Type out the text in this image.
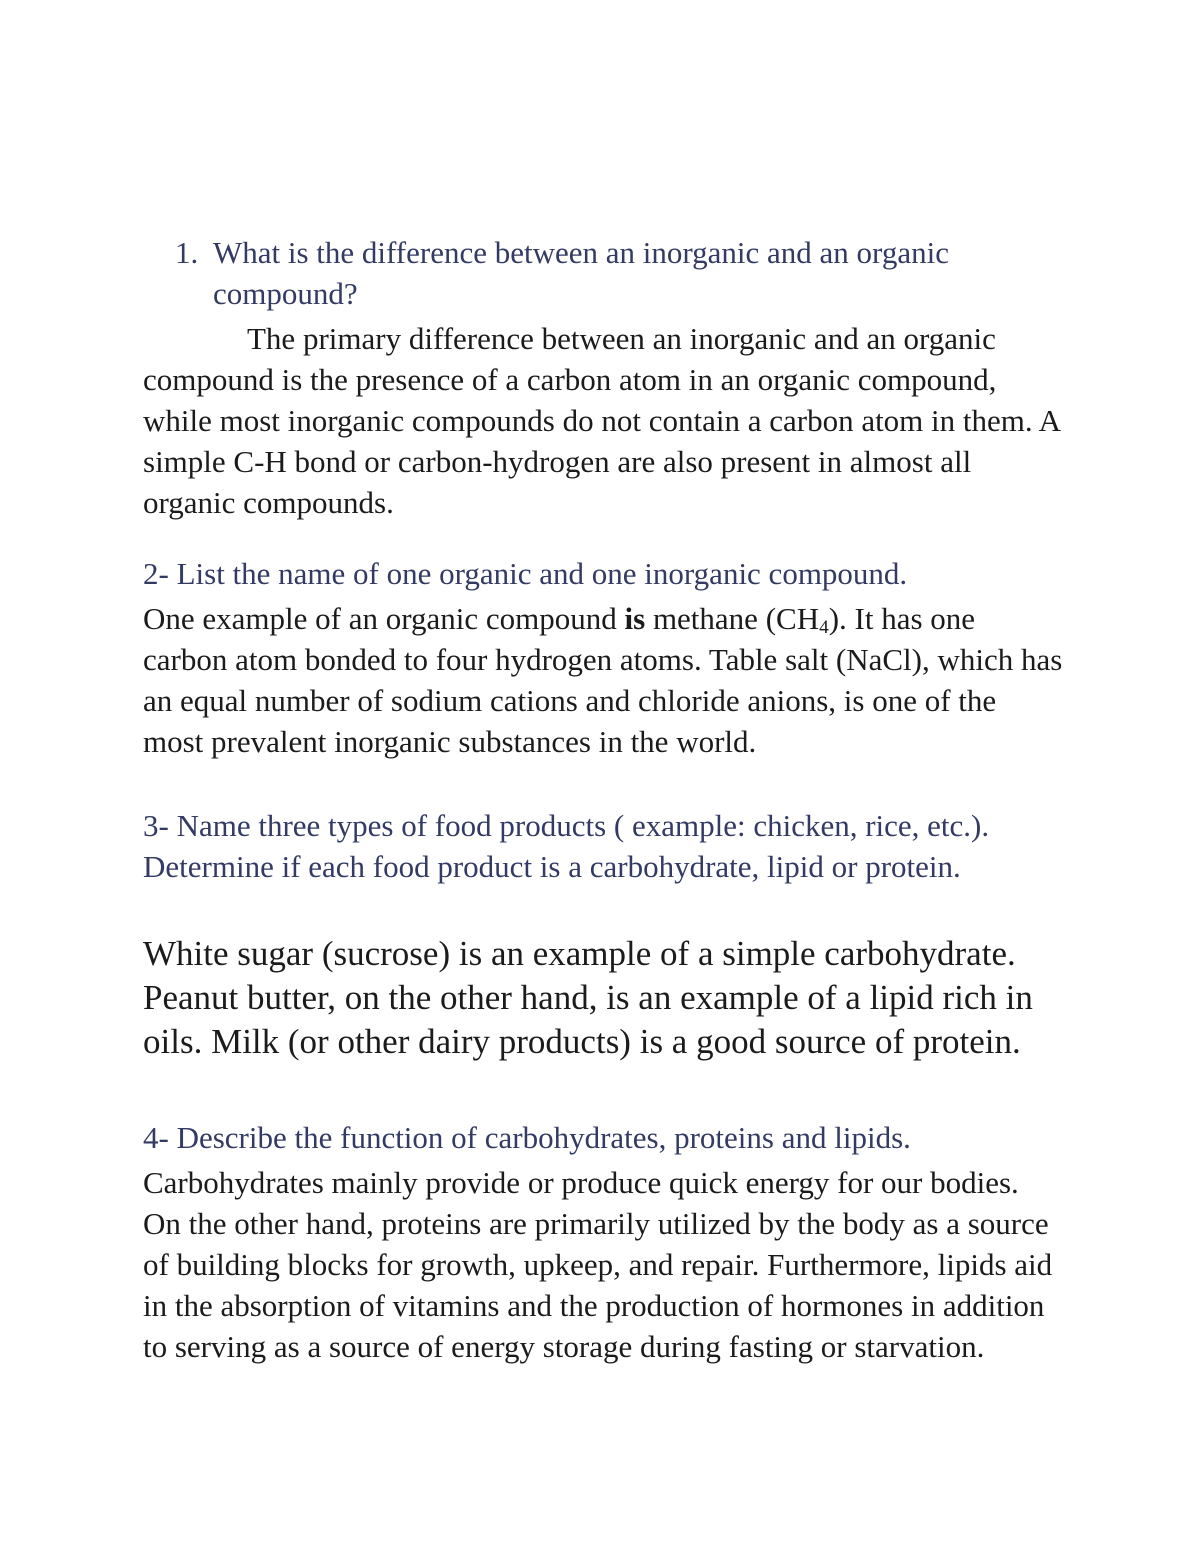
1. What is the difference between an inorganic and an organic compound?

The primary difference between an inorganic and an organic compound is the presence of a carbon atom in an organic compound, while most inorganic compounds do not contain a carbon atom in them. A simple C-H bond or carbon-hydrogen are also present in almost all organic compounds.

2- List the name of one organic and one inorganic compound.

One example of an organic compound is methane $(CH_4)$. It has one carbon atom bonded to four hydrogen atoms. Table salt (NaCl), which has an equal number of sodium cations and chloride anions, is one of the most prevalent inorganic substances in the world.

3- Name three types of food products ( example: chicken, rice, etc.). Determine if each food product is a carbohydrate, lipid or protein.

White sugar (sucrose) is an example of a simple carbohydrate. Peanut butter, on the other hand, is an example of a lipid rich in oils. Milk (or other dairy products) is a good source of protein.

4- Describe the function of carbohydrates, proteins and lipids.

Carbohydrates mainly provide or produce quick energy for our bodies. On the other hand, proteins are primarily utilized by the body as a source of building blocks for growth, upkeep, and repair. Furthermore, lipids aid in the absorption of vitamins and the production of hormones in addition to serving as a source of energy storage during fasting or starvation.
